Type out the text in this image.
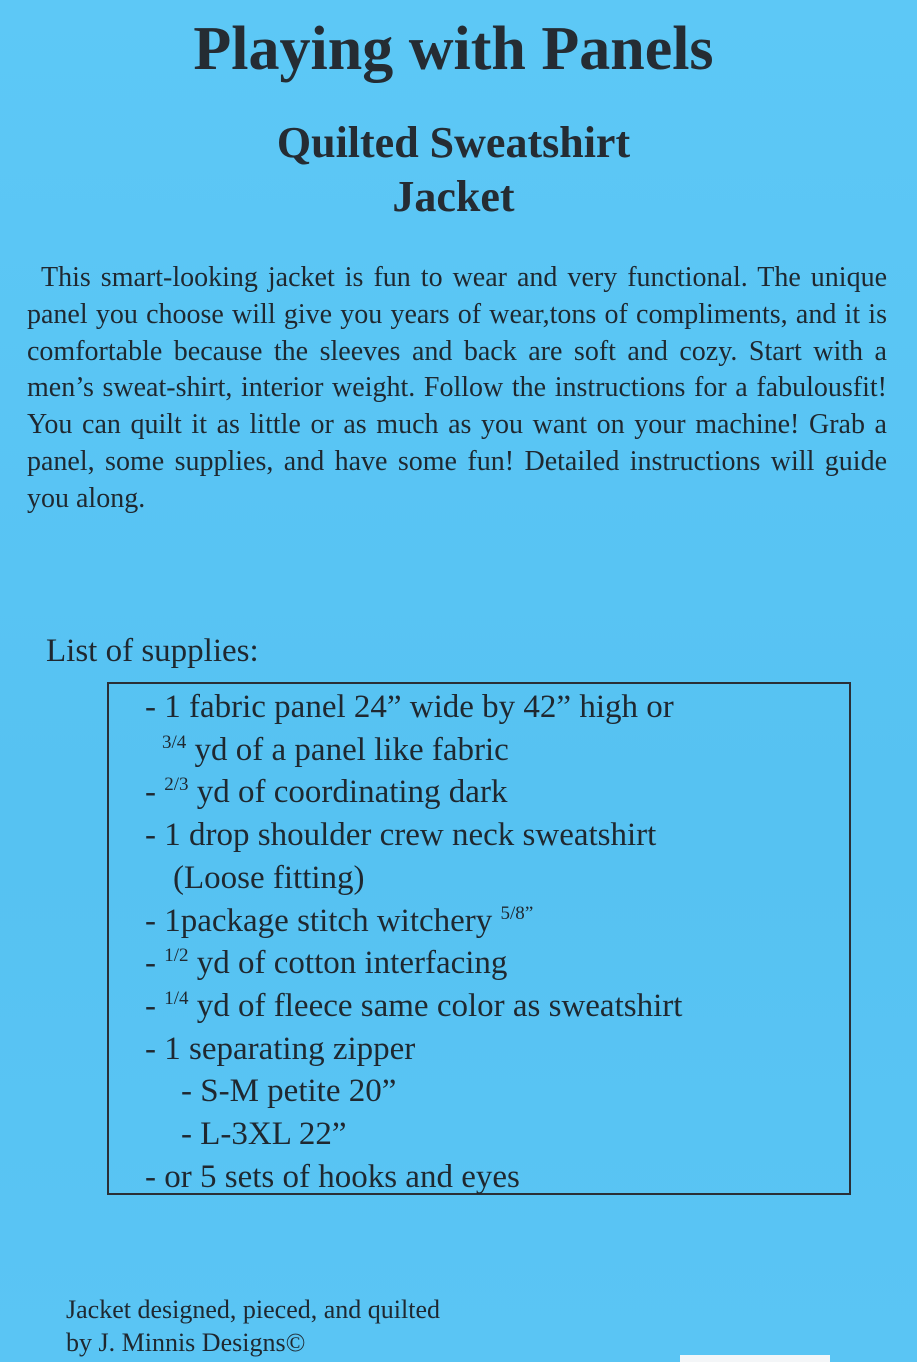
Playing with Panels
Quilted Sweatshirt
Jacket
This smart-looking jacket is fun to wear and very functional. The unique panel you choose will give you years of wear,tons of compliments, and it is comfortable because the sleeves and back are soft and cozy. Start with a men’s sweat-shirt, interior weight. Follow the instructions for a fabulousfit! You can quilt it as little or as much as you want on your machine! Grab a panel, some supplies, and have some fun! Detailed instructions will guide you along.
List of supplies:
- 1 fabric panel 24” wide by 42” high or
$^{3/4}$ yd of a panel like fabric
- $^{2/3}$ yd of coordinating dark
- 1 drop shoulder crew neck sweatshirt
(Loose fitting)
- 1package stitch witchery $^{5/8”}$
- $^{1/2}$ yd of cotton interfacing
- $^{1/4}$ yd of fleece same color as sweatshirt
- 1 separating zipper
- S-M petite 20”
- L-3XL 22”
- or 5 sets of hooks and eyes
Jacket designed, pieced, and quilted
by J. Minnis Designs©
